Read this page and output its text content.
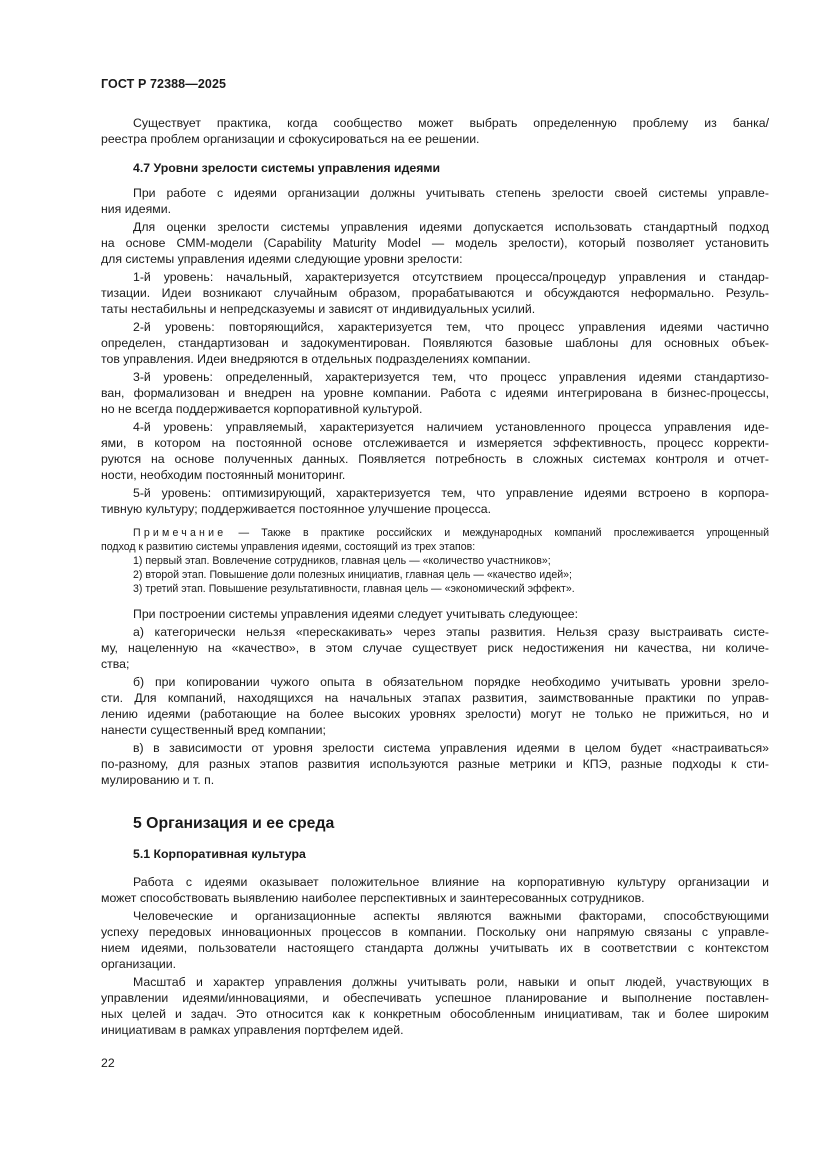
ГОСТ Р 72388—2025
Существует практика, когда сообщество может выбрать определенную проблему из банка/
реестра проблем организации и сфокусироваться на ее решении.
4.7 Уровни зрелости системы управления идеями
При работе с идеями организации должны учитывать степень зрелости своей системы управле-
ния идеями.
Для оценки зрелости системы управления идеями допускается использовать стандартный подход
на основе СММ-модели (Capability Maturity Model — модель зрелости), который позволяет установить
для системы управления идеями следующие уровни зрелости:
1-й уровень: начальный, характеризуется отсутствием процесса/процедур управления и стандар-
тизации. Идеи возникают случайным образом, прорабатываются и обсуждаются неформально. Резуль-
таты нестабильны и непредсказуемы и зависят от индивидуальных усилий.
2-й уровень: повторяющийся, характеризуется тем, что процесс управления идеями частично
определен, стандартизован и задокументирован. Появляются базовые шаблоны для основных объек-
тов управления. Идеи внедряются в отдельных подразделениях компании.
3-й уровень: определенный, характеризуется тем, что процесс управления идеями стандартизо-
ван, формализован и внедрен на уровне компании. Работа с идеями интегрирована в бизнес-процессы,
но не всегда поддерживается корпоративной культурой.
4-й уровень: управляемый, характеризуется наличием установленного процесса управления иде-
ями, в котором на постоянной основе отслеживается и измеряется эффективность, процесс корректи-
руются на основе полученных данных. Появляется потребность в сложных системах контроля и отчет-
ности, необходим постоянный мониторинг.
5-й уровень: оптимизирующий, характеризуется тем, что управление идеями встроено в корпора-
тивную культуру; поддерживается постоянное улучшение процесса.
Примечание — Также в практике российских и международных компаний прослеживается упрощенный
подход к развитию системы управления идеями, состоящий из трех этапов:
1) первый этап. Вовлечение сотрудников, главная цель — «количество участников»;
2) второй этап. Повышение доли полезных инициатив, главная цель — «качество идей»;
3) третий этап. Повышение результативности, главная цель — «экономический эффект».
При построении системы управления идеями следует учитывать следующее:
а) категорически нельзя «перескакивать» через этапы развития. Нельзя сразу выстраивать систе-
му, нацеленную на «качество», в этом случае существует риск недостижения ни качества, ни количе-
ства;
б) при копировании чужого опыта в обязательном порядке необходимо учитывать уровни зрело-
сти. Для компаний, находящихся на начальных этапах развития, заимствованные практики по управ-
лению идеями (работающие на более высоких уровнях зрелости) могут не только не прижиться, но и
нанести существенный вред компании;
в) в зависимости от уровня зрелости система управления идеями в целом будет «настраиваться»
по-разному, для разных этапов развития используются разные метрики и КПЭ, разные подходы к сти-
мулированию и т. п.
5 Организация и ее среда
5.1 Корпоративная культура
Работа с идеями оказывает положительное влияние на корпоративную культуру организации и
может способствовать выявлению наиболее перспективных и заинтересованных сотрудников.
Человеческие и организационные аспекты являются важными факторами, способствующими
успеху передовых инновационных процессов в компании. Поскольку они напрямую связаны с управле-
нием идеями, пользователи настоящего стандарта должны учитывать их в соответствии с контекстом
организации.
Масштаб и характер управления должны учитывать роли, навыки и опыт людей, участвующих в
управлении идеями/инновациями, и обеспечивать успешное планирование и выполнение поставлен-
ных целей и задач. Это относится как к конкретным обособленным инициативам, так и более широким
инициативам в рамках управления портфелем идей.
22
